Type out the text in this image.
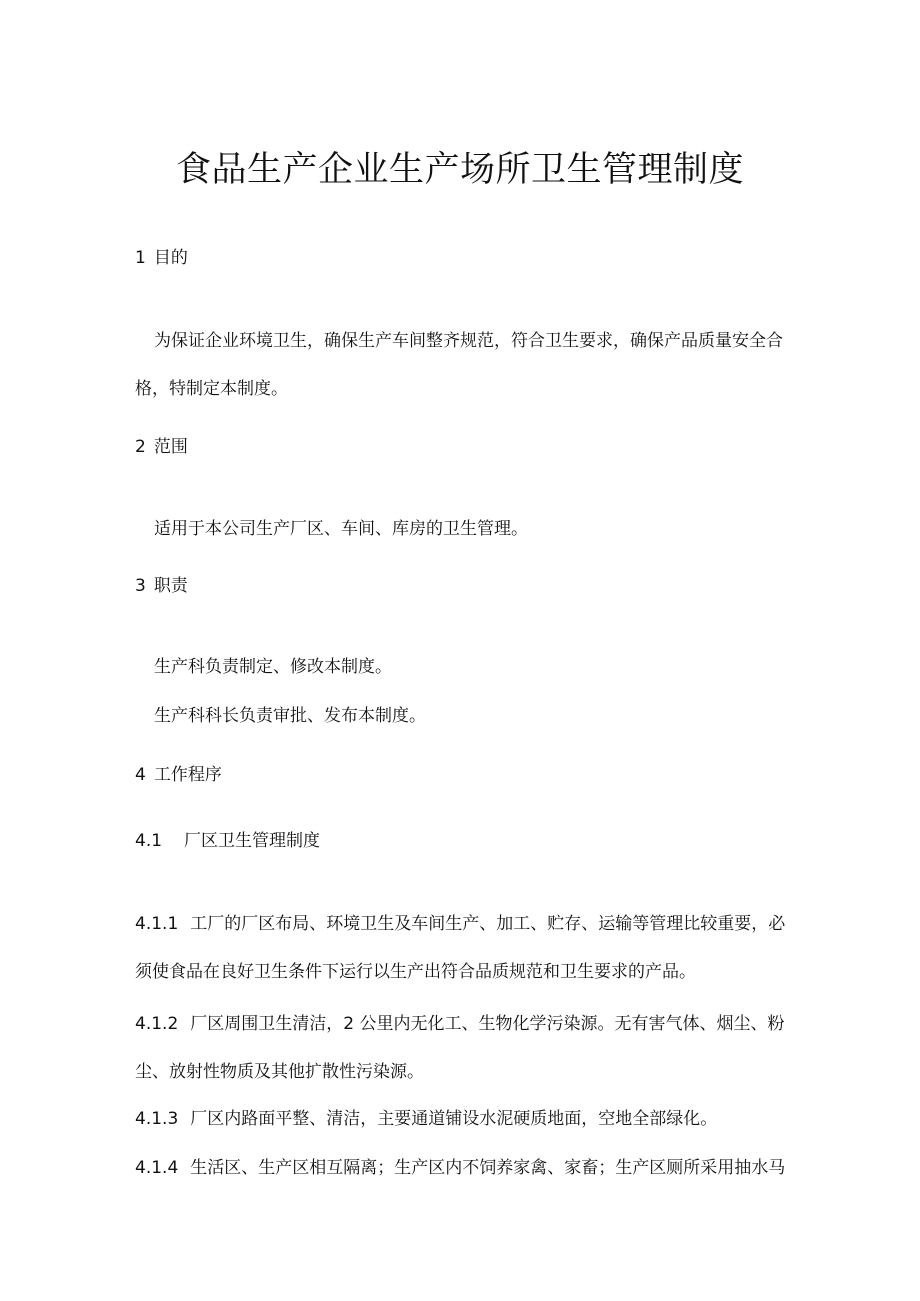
食品生产企业生产场所卫生管理制度
1 目的
为保证企业环境卫生，确保生产车间整齐规范，符合卫生要求，确保产品质量安全合
格，特制定本制度。
2 范围
适用于本公司生产厂区、车间、库房的卫生管理。
3 职责
生产科负责制定、修改本制度。
生产科科长负责审批、发布本制度。
4 工作程序
4.1 厂区卫生管理制度
4.1.1 工厂的厂区布局、环境卫生及车间生产、加工、贮存、运输等管理比较重要，必
须使食品在良好卫生条件下运行以生产出符合品质规范和卫生要求的产品。
4.1.2 厂区周围卫生清洁，2 公里内无化工、生物化学污染源。无有害气体、烟尘、粉
尘、放射性物质及其他扩散性污染源。
4.1.3 厂区内路面平整、清洁，主要通道铺设水泥硬质地面，空地全部绿化。
4.1.4 生活区、生产区相互隔离；生产区内不饲养家禽、家畜；生产区厕所采用抽水马
